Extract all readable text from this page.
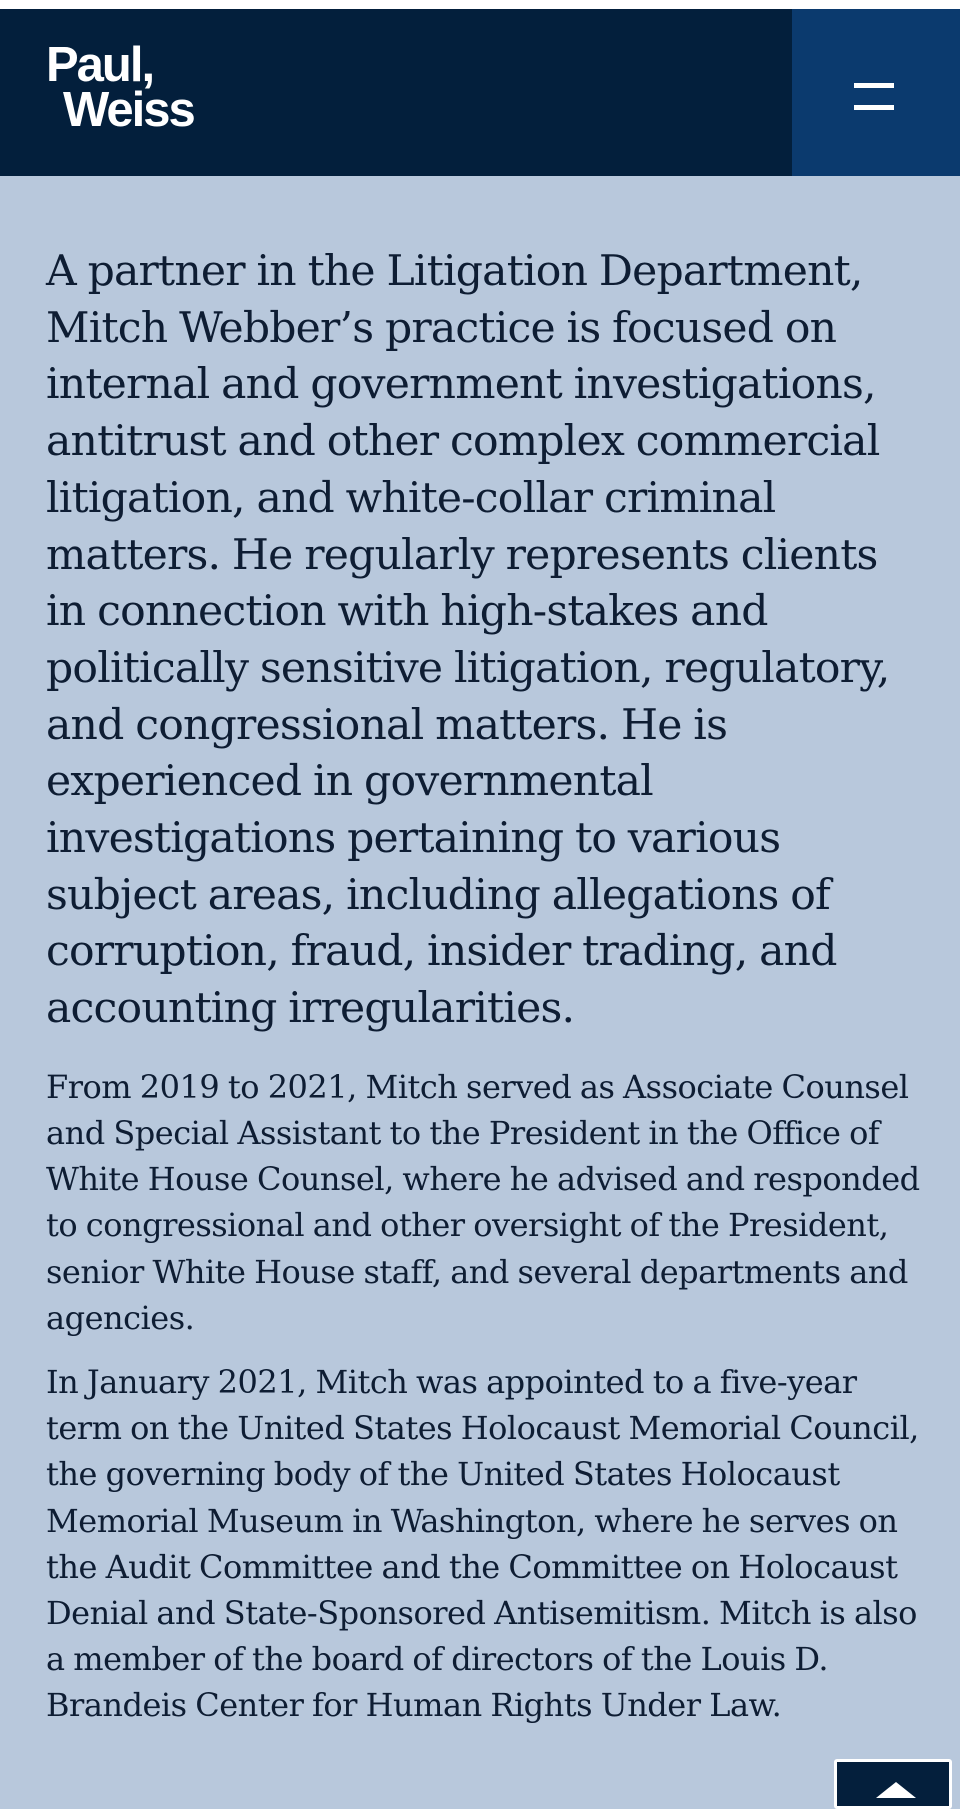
Paul,
Weiss

A partner in the Litigation Department, Mitch Webber’s practice is focused on internal and government investigations, antitrust and other complex commercial litigation, and white-collar criminal matters. He regularly represents clients in connection with high-stakes and politically sensitive litigation, regulatory, and congressional matters. He is experienced in governmental investigations pertaining to various subject areas, including allegations of corruption, fraud, insider trading, and accounting irregularities.

From 2019 to 2021, Mitch served as Associate Counsel and Special Assistant to the President in the Office of White House Counsel, where he advised and responded to congressional and other oversight of the President, senior White House staff, and several departments and agencies.

In January 2021, Mitch was appointed to a five-year term on the United States Holocaust Memorial Council, the governing body of the United States Holocaust Memorial Museum in Washington, where he serves on the Audit Committee and the Committee on Holocaust Denial and State-Sponsored Antisemitism. Mitch is also a member of the board of directors of the Louis D. Brandeis Center for Human Rights Under Law.
